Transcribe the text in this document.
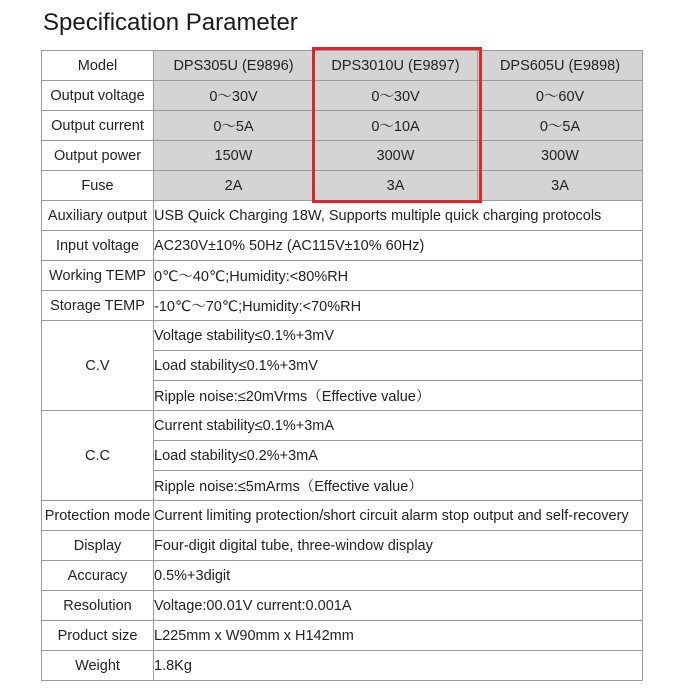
Specification Parameter
Model	DPS305U (E9896)	DPS3010U (E9897)	DPS605U (E9898)
Output voltage	0～30V	0～30V	0～60V
Output current	0～5A	0～10A	0～5A
Output power	150W	300W	300W
Fuse	2A	3A	3A
Auxiliary output	USB Quick Charging 18W, Supports multiple quick charging protocols		
Input voltage	AC230V±10% 50Hz (AC115V±10% 60Hz)		
Working TEMP	0℃～40℃;Humidity:<80%RH		
Storage TEMP	-10℃～70℃;Humidity:<70%RH		
C.V	Voltage stability≤0.1%+3mV		
	Load stability≤0.1%+3mV		
	Ripple noise:≤20mVrms（Effective value）		
C.C	Current stability≤0.1%+3mA		
	Load stability≤0.2%+3mA		
	Ripple noise:≤5mArms（Effective value）		
Protection mode	Current limiting protection/short circuit alarm stop output and self-recovery		
Display	Four-digit digital tube, three-window display		
Accuracy	0.5%+3digit		
Resolution	Voltage:00.01V current:0.001A		
Product size	L225mm x W90mm x H142mm		
Weight	1.8Kg		
